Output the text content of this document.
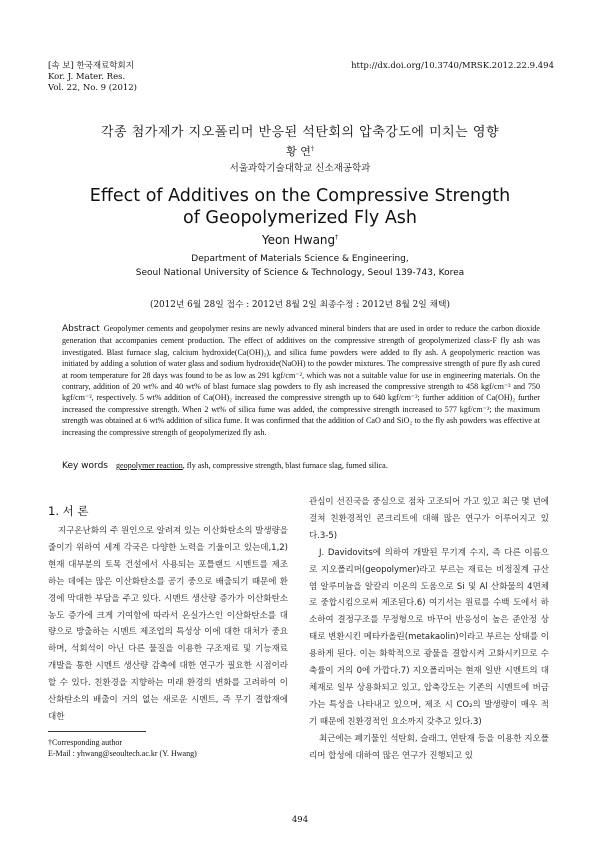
[속 보] 한국재료학회지
Kor. J. Mater. Res.
Vol. 22, No. 9 (2012)
http://dx.doi.org/10.3740/MRSK.2012.22.9.494
각종 첨가제가 지오폴리머 반응된 석탄회의 압축강도에 미치는 영향
황 연†
서울과학기술대학교 신소재공학과
Effect of Additives on the Compressive Strength
of Geopolymerized Fly Ash
Yeon Hwang†
Department of Materials Science & Engineering,
Seoul National University of Science & Technology, Seoul 139-743, Korea
(2012년 6월 28일 접수 : 2012년 8월 2일 최종수정 : 2012년 8월 2일 채택)
Abstract Geopolymer cements and geopolymer resins are newly advanced mineral binders that are used in order to reduce the carbon dioxide generation that accompanies cement production. The effect of additives on the compressive strength of geopolymerized class-F fly ash was investigated. Blast furnace slag, calcium hydroxide(Ca(OH)₂), and silica fume powders were added to fly ash. A geopolymeric reaction was initiated by adding a solution of water glass and sodium hydroxide(NaOH) to the powder mixtures. The compressive strength of pure fly ash cured at room temperature for 28 days was found to be as low as 291 kgf/cm⁻², which was not a suitable value for use in engineering materials. On the contrary, addition of 20 wt% and 40 wt% of blast furnace slag powders to fly ash increased the compressive strength to 458 kgf/cm⁻² and 750 kgf/cm⁻², respectively. 5 wt% addition of Ca(OH)₂ increased the compressive strength up to 640 kgf/cm⁻²; further addition of Ca(OH)₂ further increased the compressive strength. When 2 wt% of silica fume was added, the compressive strength increased to 577 kgf/cm⁻²; the maximum strength was obtained at 6 wt% addition of silica fume. It was confirmed that the addition of CaO and SiO₂ to the fly ash powders was effective at increasing the compressive strength of geopolymerized fly ash.
Key words geopolymer reaction, fly ash, compressive strength, blast furnace slag, fumed silica.
1. 서 론

지구온난화의 주 원인으로 알려져 있는 이산화탄소의 발생량을 줄이기 위하여 세계 각국은 다양한 노력을 기울이고 있는데,1,2) 현재 대부분의 토목 건설에서 사용되는 포틀랜드 시멘트를 제조하는 데에는 많은 이산화탄소를 공기 중으로 배출되기 때문에 환경에 막대한 부담을 주고 있다. 시멘트 생산량 증가가 이산화탄소 농도 증가에 크게 기여함에 따라서 온실가스인 이산화탄소를 대량으로 방출하는 시멘트 제조업의 특성상 이에 대한 대처가 중요하며, 석회석이 아닌 다른 물질을 이용한 구조재료 및 기능재료 개발을 통한 시멘트 생산량 감축에 대한 연구가 필요한 시점이라 할 수 있다. 친환경을 지향하는 미래 환경의 변화를 고려하여 이산화탄소의 배출이 거의 없는 새로운 시멘트, 즉 무기 결합재에 대한

관심이 선진국을 중심으로 점차 고조되어 가고 있고 최근 몇 년에 걸쳐 친환경적인 콘크리트에 대해 많은 연구가 이루어지고 있다.3-5)

J. Davidovits에 의하여 개발된 무기계 수지, 즉 다른 이름으로 지오폴리머(geopolymer)라고 부르는 재료는 비정질계 규산염 알루미늄을 알칼리 이온의 도움으로 Si 및 Al 산화물의 4면체로 중합시킴으로써 제조된다.6) 여기서는 원료를 수백 도에서 하소하여 결정구조를 무정형으로 바꾸어 반응성이 높은 준안정 상태로 변환시킨 메타카올린(metakaolin)이라고 부르는 상태를 이용하게 된다. 이는 화학적으로 광물을 결합시켜 고화시키므로 수축률이 거의 0에 가깝다.7) 지오폴리머는 현재 일반 시멘트의 대체재로 일부 상용화되고 있고, 압축강도는 기존의 시멘트에 버금가는 특성을 나타내고 있으며, 제조 시 CO₂의 발생량이 매우 적기 때문에 친환경적인 요소까지 갖추고 있다.3)

최근에는 폐기물인 석탄회, 슬래그, 연탄재 등을 이용한 지오폴리머 합성에 대하여 많은 연구가 진행되고 있

†Corresponding author
E-Mail : yhwang@seoultech.ac.kr (Y. Hwang)
494
